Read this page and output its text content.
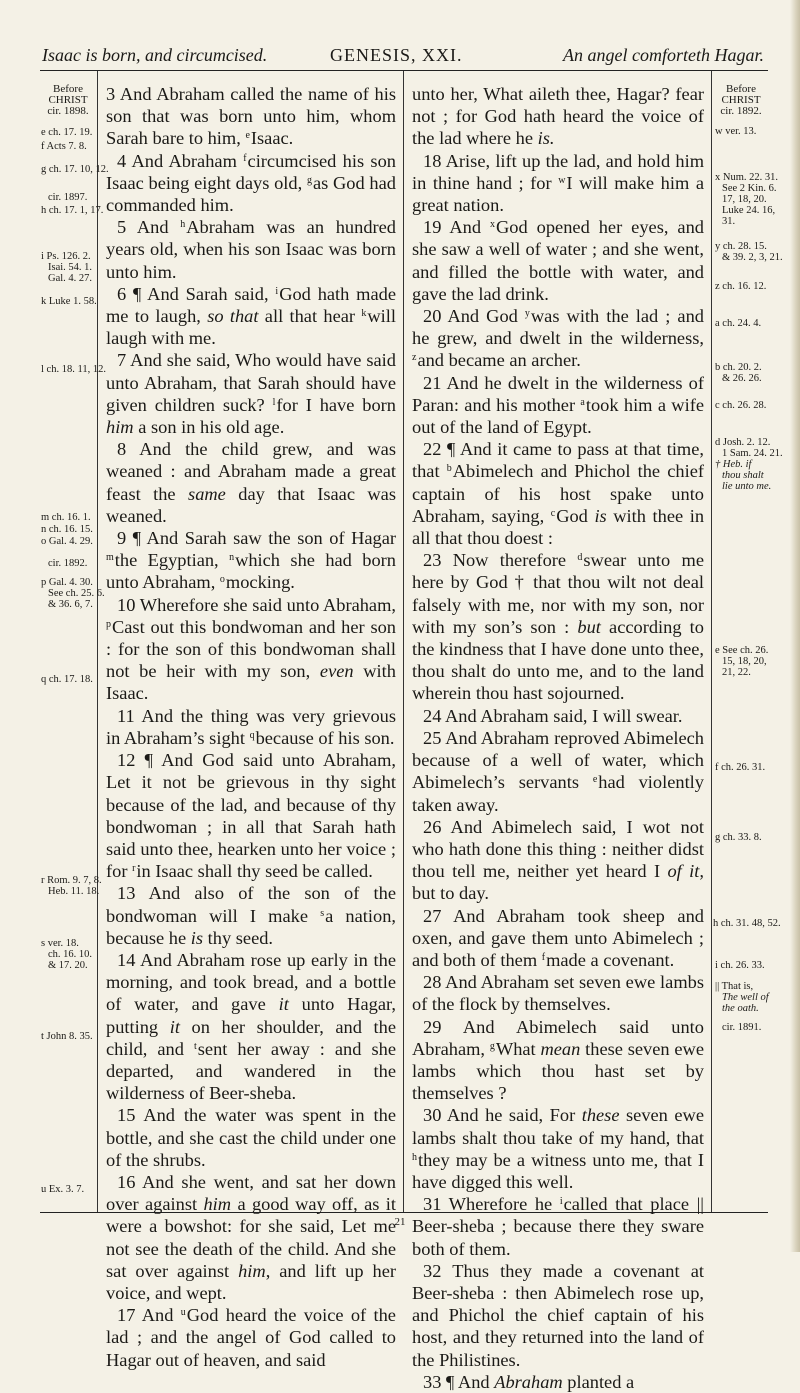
Isaac is born, and circumcised.	GENESIS, XXI.	An angel comforteth Hagar.
Before
CHRIST
cir. 1898.
e ch. 17. 19.
f Acts 7. 8.
g ch. 17. 10, 12.
cir. 1897.
h ch. 17. 1, 17.
i Ps. 126. 2.
Isai. 54. 1.
Gal. 4. 27.
k Luke 1. 58.
l ch. 18. 11, 12.
m ch. 16. 1.
n ch. 16. 15.
o Gal. 4. 29.
cir. 1892.
p Gal. 4. 30.
See ch. 25. 6.
& 36. 6, 7.
q ch. 17. 18.
r Rom. 9. 7, 8.
Heb. 11. 18.
s ver. 18.
ch. 16. 10.
& 17. 20.
t John 8. 35.
u Ex. 3. 7.

3 And Abraham called the name of his son that was born unto him, whom Sarah bare to him, $^e$Isaac.

4 And Abraham $^f$circumcised his son Isaac being eight days old, $^g$as God had commanded him.

5 And $^h$Abraham was an hundred years old, when his son Isaac was born unto him.

6 ¶ And Sarah said, $^i$God hath made me to laugh, so that all that hear $^k$will laugh with me.

7 And she said, Who would have said unto Abraham, that Sarah should have given children suck? $^l$for I have born him a son in his old age.

8 And the child grew, and was weaned : and Abraham made a great feast the same day that Isaac was weaned.

9 ¶ And Sarah saw the son of Hagar $^m$the Egyptian, $^n$which she had born unto Abraham, $^o$mocking.

10 Wherefore she said unto Abraham, $^p$Cast out this bondwoman and her son : for the son of this bondwoman shall not be heir with my son, even with Isaac.

11 And the thing was very grievous in Abraham’s sight $^q$because of his son.

12 ¶ And God said unto Abraham, Let it not be grievous in thy sight because of the lad, and because of thy bondwoman ; in all that Sarah hath said unto thee, hearken unto her voice ; for $^r$in Isaac shall thy seed be called.

13 And also of the son of the bondwoman will I make $^s$a nation, because he is thy seed.

14 And Abraham rose up early in the morning, and took bread, and a bottle of water, and gave it unto Hagar, putting it on her shoulder, and the child, and $^t$sent her away : and she departed, and wandered in the wilderness of Beer-sheba.

15 And the water was spent in the bottle, and she cast the child under one of the shrubs.

16 And she went, and sat her down over against him a good way off, as it were a bowshot: for she said, Let me not see the death of the child. And she sat over against him, and lift up her voice, and wept.

17 And $^u$God heard the voice of the lad ; and the angel of God called to Hagar out of heaven, and said

unto her, What aileth thee, Hagar? fear not ; for God hath heard the voice of the lad where he is.

18 Arise, lift up the lad, and hold him in thine hand ; for $^w$I will make him a great nation.

19 And $^x$God opened her eyes, and she saw a well of water ; and she went, and filled the bottle with water, and gave the lad drink.

20 And God $^y$was with the lad ; and he grew, and dwelt in the wilderness, $^z$and became an archer.

21 And he dwelt in the wilderness of Paran: and his mother $^a$took him a wife out of the land of Egypt.

22 ¶ And it came to pass at that time, that $^b$Abimelech and Phichol the chief captain of his host spake unto Abraham, saying, $^c$God is with thee in all that thou doest :

23 Now therefore $^d$swear unto me here by God † that thou wilt not deal falsely with me, nor with my son, nor with my son’s son : but according to the kindness that I have done unto thee, thou shalt do unto me, and to the land wherein thou hast sojourned.

24 And Abraham said, I will swear.

25 And Abraham reproved Abimelech because of a well of water, which Abimelech’s servants $^e$had violently taken away.

26 And Abimelech said, I wot not who hath done this thing : neither didst thou tell me, neither yet heard I of it, but to day.

27 And Abraham took sheep and oxen, and gave them unto Abimelech ; and both of them $^f$made a covenant.

28 And Abraham set seven ewe lambs of the flock by themselves.

29 And Abimelech said unto Abraham, $^g$What mean these seven ewe lambs which thou hast set by themselves ?

30 And he said, For these seven ewe lambs shalt thou take of my hand, that $^h$they may be a witness unto me, that I have digged this well.

31 Wherefore he $^i$called that place || Beer-sheba ; because there they sware both of them.

32 Thus they made a covenant at Beer-sheba : then Abimelech rose up, and Phichol the chief captain of his host, and they returned into the land of the Philistines.

33 ¶ And Abraham planted a

Before
CHRIST
cir. 1892.
w ver. 13.
x Num. 22. 31.
See 2 Kin. 6.
17, 18, 20.
Luke 24. 16,
31.
y ch. 28. 15.
& 39. 2, 3, 21.
z ch. 16. 12.
a ch. 24. 4.
b ch. 20. 2.
& 26. 26.
c ch. 26. 28.
d Josh. 2. 12.
1 Sam. 24. 21.
† Heb. if
thou shalt
lie unto me.
e See ch. 26.
15, 18, 20,
21, 22.
f ch. 26. 31.
g ch. 33. 8.
h ch. 31. 48, 52.
i ch. 26. 33.
|| That is,
The well of
the oath.
cir. 1891.
21
